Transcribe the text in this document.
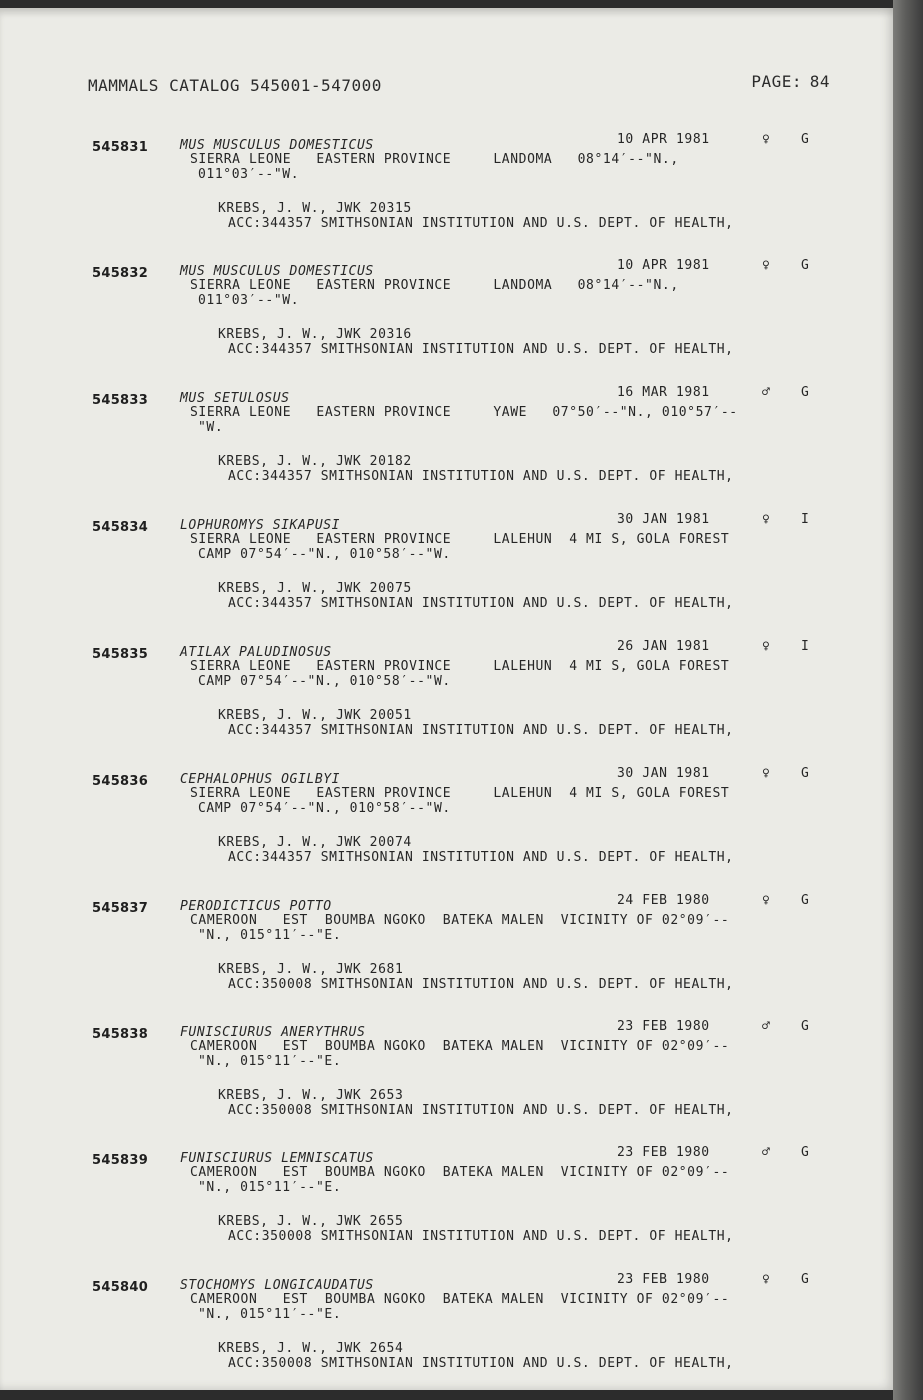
MAMMALS CATALOG 545001-547000	PAGE: 84
545831 MUS MUSCULUS DOMESTICUS	10 APR 1981	♀ G
SIERRA LEONE   EASTERN PROVINCE     LANDOMA   08°14′--"N.,
011°03′--"W.
KREBS, J. W., JWK 20315
ACC:344357 SMITHSONIAN INSTITUTION AND U.S. DEPT. OF HEALTH,
545832 MUS MUSCULUS DOMESTICUS	10 APR 1981	♀ G
SIERRA LEONE   EASTERN PROVINCE     LANDOMA   08°14′--"N.,
011°03′--"W.
KREBS, J. W., JWK 20316
ACC:344357 SMITHSONIAN INSTITUTION AND U.S. DEPT. OF HEALTH,
545833 MUS SETULOSUS	16 MAR 1981	♂ G
SIERRA LEONE   EASTERN PROVINCE     YAWE   07°50′--"N., 010°57′--
"W.
KREBS, J. W., JWK 20182
ACC:344357 SMITHSONIAN INSTITUTION AND U.S. DEPT. OF HEALTH,
545834 LOPHUROMYS SIKAPUSI	30 JAN 1981	♀ I
SIERRA LEONE   EASTERN PROVINCE     LALEHUN  4 MI S, GOLA FOREST
CAMP 07°54′--"N., 010°58′--"W.
KREBS, J. W., JWK 20075
ACC:344357 SMITHSONIAN INSTITUTION AND U.S. DEPT. OF HEALTH,
545835 ATILAX PALUDINOSUS	26 JAN 1981	♀ I
SIERRA LEONE   EASTERN PROVINCE     LALEHUN  4 MI S, GOLA FOREST
CAMP 07°54′--"N., 010°58′--"W.
KREBS, J. W., JWK 20051
ACC:344357 SMITHSONIAN INSTITUTION AND U.S. DEPT. OF HEALTH,
545836 CEPHALOPHUS OGILBYI	30 JAN 1981	♀ G
SIERRA LEONE   EASTERN PROVINCE     LALEHUN  4 MI S, GOLA FOREST
CAMP 07°54′--"N., 010°58′--"W.
KREBS, J. W., JWK 20074
ACC:344357 SMITHSONIAN INSTITUTION AND U.S. DEPT. OF HEALTH,
545837 PERODICTICUS POTTO	24 FEB 1980	♀ G
CAMEROON   EST  BOUMBA NGOKO  BATEKA MALEN  VICINITY OF 02°09′--
"N., 015°11′--"E.
KREBS, J. W., JWK 2681
ACC:350008 SMITHSONIAN INSTITUTION AND U.S. DEPT. OF HEALTH,
545838 FUNISCIURUS ANERYTHRUS	23 FEB 1980	♂ G
CAMEROON   EST  BOUMBA NGOKO  BATEKA MALEN  VICINITY OF 02°09′--
"N., 015°11′--"E.
KREBS, J. W., JWK 2653
ACC:350008 SMITHSONIAN INSTITUTION AND U.S. DEPT. OF HEALTH,
545839 FUNISCIURUS LEMNISCATUS	23 FEB 1980	♂ G
CAMEROON   EST  BOUMBA NGOKO  BATEKA MALEN  VICINITY OF 02°09′--
"N., 015°11′--"E.
KREBS, J. W., JWK 2655
ACC:350008 SMITHSONIAN INSTITUTION AND U.S. DEPT. OF HEALTH,
545840 STOCHOMYS LONGICAUDATUS	23 FEB 1980	♀ G
CAMEROON   EST  BOUMBA NGOKO  BATEKA MALEN  VICINITY OF 02°09′--
"N., 015°11′--"E.
KREBS, J. W., JWK 2654
ACC:350008 SMITHSONIAN INSTITUTION AND U.S. DEPT. OF HEALTH,
